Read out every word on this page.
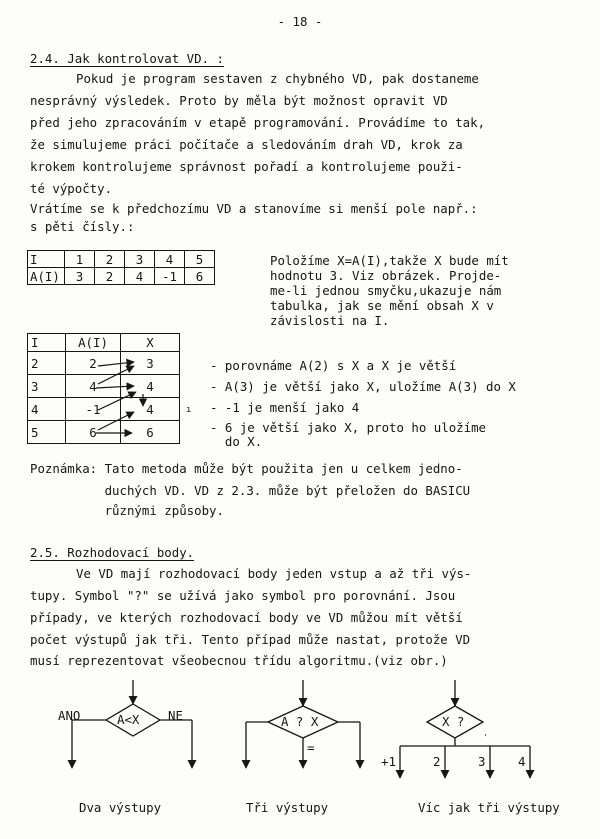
- 18 -
2.4. Jak kontrolovat VD. :
Pokud je program sestaven z chybného VD, pak dostaneme
nesprávný výsledek. Proto by měla být možnost opravit VD
před jeho zpracováním v etapě programování. Provádíme to tak,
že simulujeme práci počítače a sledováním drah VD, krok za
krokem kontrolujeme správnost pořadí a kontrolujeme použi-
té výpočty.
Vrátíme se k předchozímu VD a stanovíme si menší pole např.:
s pěti čísly.:
I	1	2	3	4	5
A(I)	3	2	4	-1	6
Položíme X=A(I),takže X bude mít
hodnotu 3. Viz obrázek. Projde-
me-li jednou smyčku,ukazuje nám
tabulka, jak se mění obsah X v
závislosti na I.
I	A(I)	X
2	2	3
3	4	4
4	-1	4
5	6	6
- porovnáme A(2) s X a X je větší
- A(3) je větší jako X, uložíme A(3) do X
- -1 je menší jako 4
- 6 je větší jako X, proto ho uložíme
do X.
Poznámka: Tato metoda může být použita jen u celkem jedno-
duchých VD. VD z 2.3. může být přeložen do BASICU
různými způsoby.
2.5. Rozhodovací body.
Ve VD mají rozhodovací body jeden vstup a až tři výs-
tupy. Symbol "?" se užívá jako symbol pro porovnání. Jsou
případy, ve kterých rozhodovací body ve VD můžou mít větší
počet výstupů jak tři. Tento případ může nastat, protože VD
musí reprezentovat všeobecnou třídu algoritmu.(viz obr.)
ı
A<X
ANO	NE	A ? X
=
X ?
+1	2	3	4
'
Dva výstupy	Tři výstupy	Víc jak tři výstupy
